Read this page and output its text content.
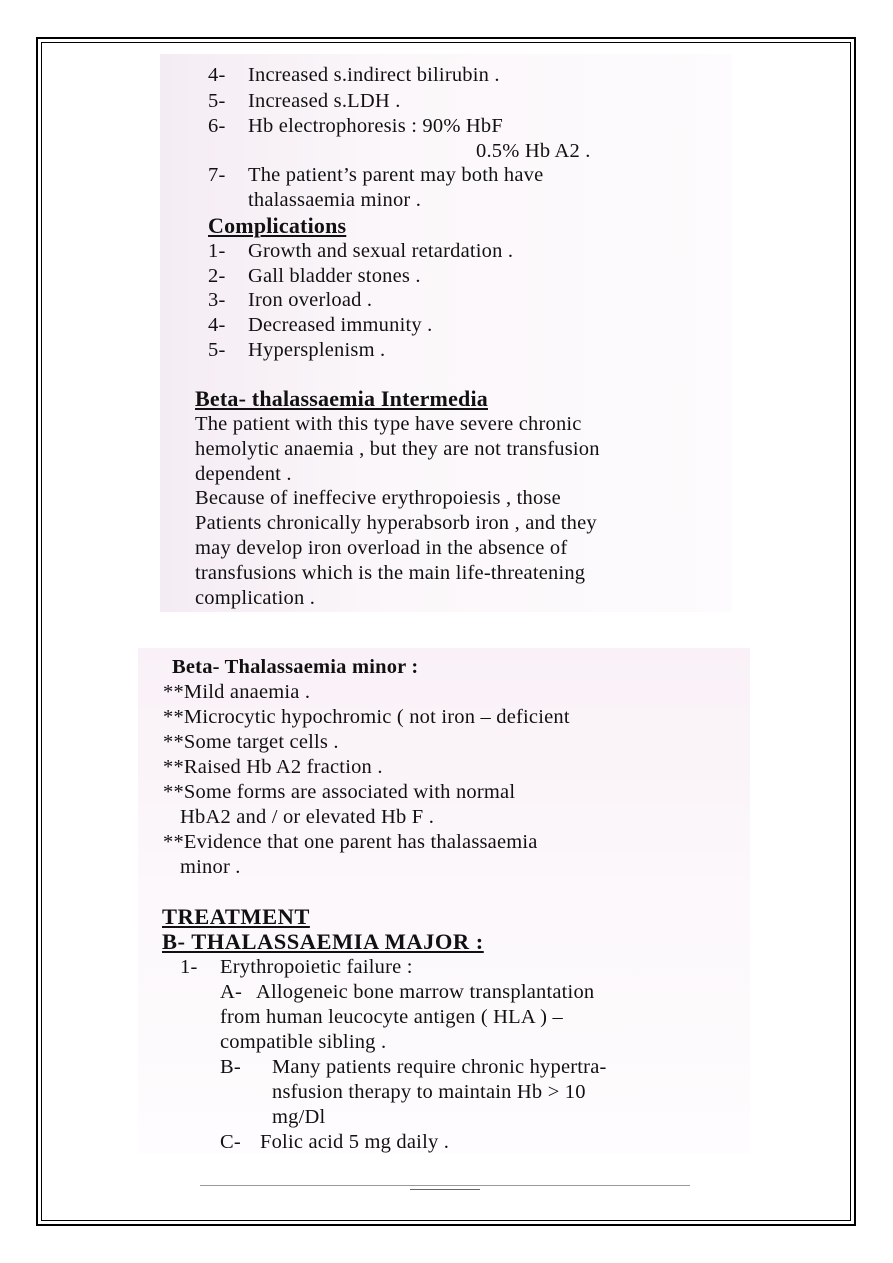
4- Increased s.indirect bilirubin .
5- Increased s.LDH .
6- Hb electrophoresis : 90% HbF
0.5% Hb A2 .
7- The patient’s parent may both have
thalassaemia minor .
Complications
1- Growth and sexual retardation .
2- Gall bladder stones .
3- Iron overload .
4- Decreased immunity .
5- Hypersplenism .
Beta- thalassaemia Intermedia
The patient with this type have severe chronic
hemolytic anaemia , but they are not transfusion
dependent .
Because of ineffecive erythropoiesis , those
Patients chronically hyperabsorb iron , and they
may develop iron overload in the absence of
transfusions which is the main life-threatening
complication .
Beta- Thalassaemia minor :
**Mild anaemia .
**Microcytic hypochromic ( not iron – deficient
**Some target cells .
**Raised Hb A2 fraction .
**Some forms are associated with normal
HbA2 and / or elevated Hb F .
**Evidence that one parent has thalassaemia
minor .
TREATMENT
B- THALASSAEMIA MAJOR :
1- Erythropoietic failure :
A- Allogeneic bone marrow transplantation
from human leucocyte antigen ( HLA ) –
compatible sibling .
B- Many patients require chronic hypertra-
nsfusion therapy to maintain Hb > 10
mg/Dl
C- Folic acid 5 mg daily .
